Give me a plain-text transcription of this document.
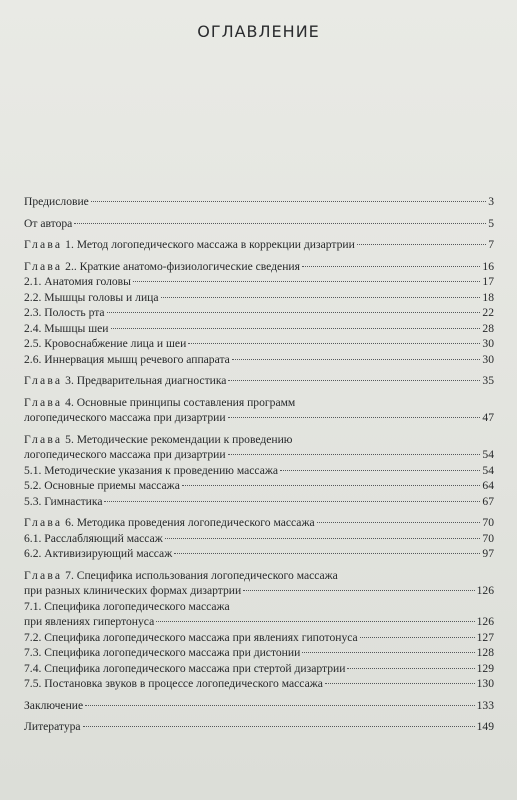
ОГЛАВЛЕНИЕ
Предисловие	3
От автора	5
Глава 1. Метод логопедического массажа в коррекции дизартрии	7
Глава 2.. Краткие анатомо-физиологические сведения	16
2.1. Анатомия головы	17
2.2. Мышцы головы и лица	18
2.3. Полость рта	22
2.4. Мышцы шеи	28
2.5. Кровоснабжение лица и шеи	30
2.6. Иннервация мышц речевого аппарата	30
Глава 3. Предварительная диагностика	35
Глава 4. Основные принципы составления программ
логопедического массажа при дизартрии	47
Глава 5. Методические рекомендации к проведению
логопедического массажа при дизартрии	54
5.1. Методические указания к проведению массажа	54
5.2. Основные приемы массажа	64
5.3. Гимнастика	67
Глава 6. Методика проведения логопедического массажа	70
6.1. Расслабляющий массаж	70
6.2. Активизирующий массаж	97
Глава 7. Специфика использования логопедического массажа
при разных клинических формах дизартрии	126
7.1. Специфика логопедического массажа
при явлениях гипертонуса	126
7.2. Специфика логопедического массажа при явлениях гипотонуса	127
7.3. Специфика логопедического массажа при дистонии	128
7.4. Специфика логопедического массажа при стертой дизартрии	129
7.5. Постановка звуков в процессе логопедического массажа	130
Заключение	133
Литература	149
